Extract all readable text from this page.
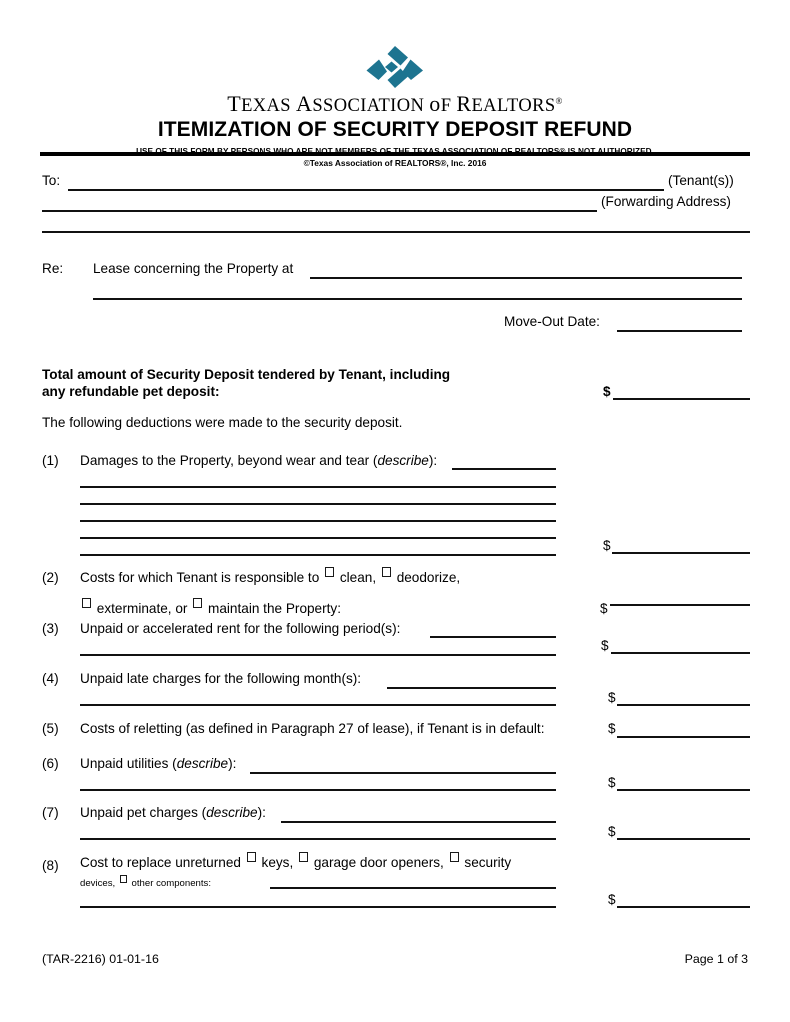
TEXAS ASSOCIATION oF REALTORS®
ITEMIZATION OF SECURITY DEPOSIT REFUND
©Texas Association of REALTORS®, Inc. 2016
To:	(Tenant(s))
(Forwarding Address)
Re: Lease concerning the Property at
Move-Out Date:
Total amount of Security Deposit tendered by Tenant, including
any refundable pet deposit:	$
The following deductions were made to the security deposit.
(1) Damages to the Property, beyond wear and tear (describe):
$
(2) Costs for which Tenant is responsible to clean, deodorize,
exterminate, or maintain the Property:	$
(3) Unpaid or accelerated rent for the following period(s):
$
(4) Unpaid late charges for the following month(s):
$
(5) Costs of reletting (as defined in Paragraph 27 of lease), if Tenant is in default:	$
(6) Unpaid utilities (describe):
$
(7) Unpaid pet charges (describe):
$
(8) Cost to replace unreturned keys, garage door openers, security
devices, other components:
$
(TAR-2216) 01-01-16	Page 1 of 3
